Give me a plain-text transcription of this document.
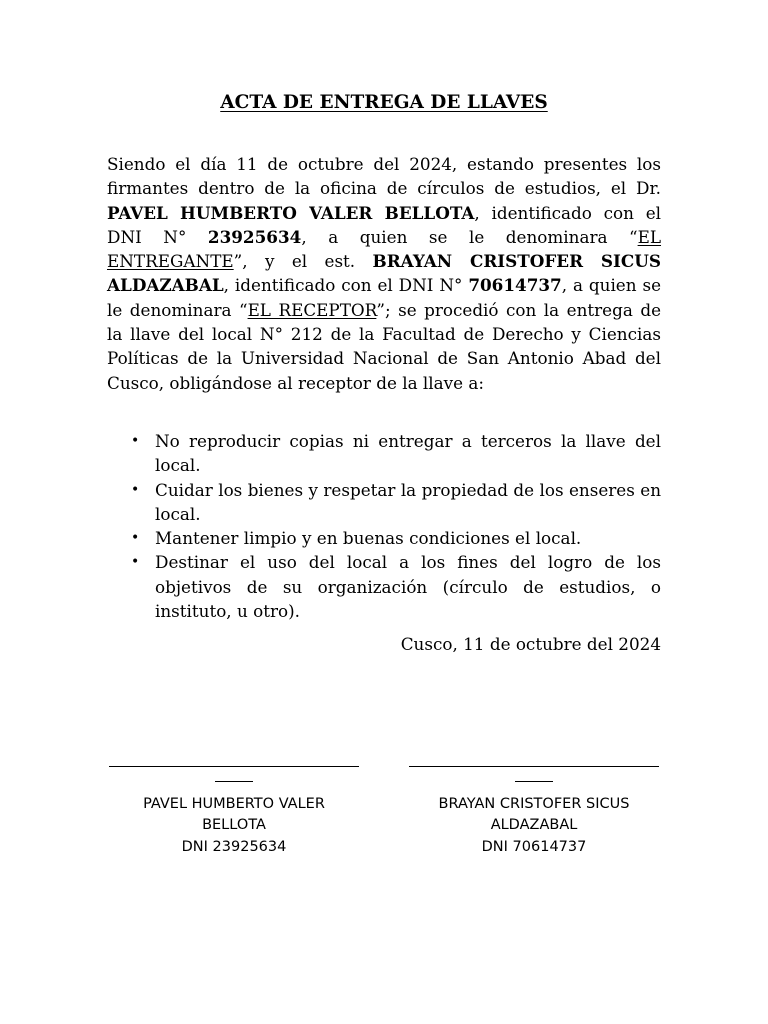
ACTA DE ENTREGA DE LLAVES

Siendo el día 11 de octubre del 2024, estando presentes los firmantes dentro de la oficina de círculos de estudios, el Dr. PAVEL HUMBERTO VALER BELLOTA, identificado con el DNI N° 23925634, a quien se le denominara “EL ENTREGANTE”, y el est. BRAYAN CRISTOFER SICUS ALDAZABAL, identificado con el DNI N° 70614737, a quien se le denominara “EL RECEPTOR”; se procedió con la entrega de la llave del local N° 212 de la Facultad de Derecho y Ciencias Políticas de la Universidad Nacional de San Antonio Abad del Cusco, obligándose al receptor de la llave a:

• No reproducir copias ni entregar a terceros la llave del local.
• Cuidar los bienes y respetar la propiedad de los enseres en local.
• Mantener limpio y en buenas condiciones el local.
• Destinar el uso del local a los fines del logro de los objetivos de su organización (círculo de estudios, o instituto, u otro).
Cusco, 11 de octubre del 2024

PAVEL HUMBERTO VALER
BELLOTA
DNI 23925634

BRAYAN CRISTOFER SICUS
ALDAZABAL
DNI 70614737
